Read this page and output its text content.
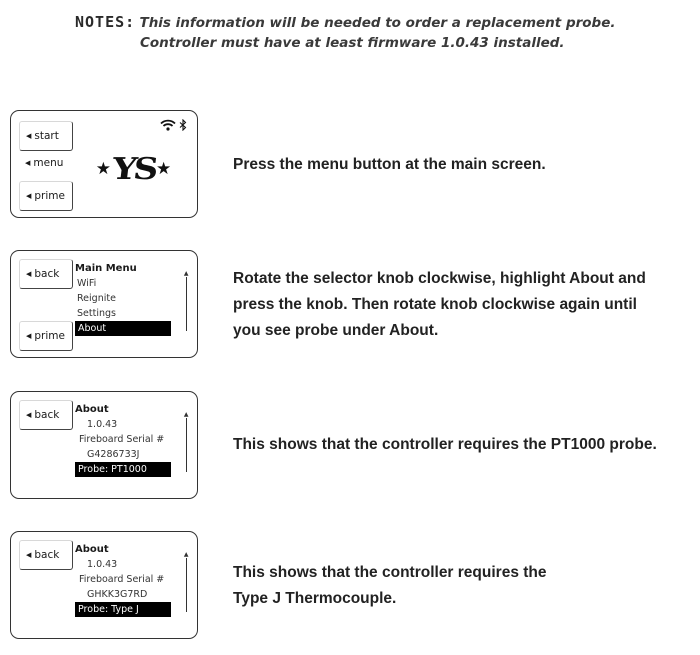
NOTES: This information will be needed to order a replacement probe.
Controller must have at least firmware 1.0.43 installed.
◀ start
◀ menu
◀ prime

★ YS ★	Press the menu button at the main screen.
◀ back
◀ prime
Main Menu
WiFi
Reignite
Settings
About
▲	Rotate the selector knob clockwise, highlight About and
press the knob. Then rotate knob clockwise again until
you see probe under About.
◀ back	About
1.0.43
Fireboard Serial #
G4286733J
Probe: PT1000
▲
This shows that the controller requires the PT1000 probe.
◀ back	About
1.0.43
Fireboard Serial #
GHKK3G7RD
Probe: Type J
▲
This shows that the controller requires the
Type J Thermocouple.
